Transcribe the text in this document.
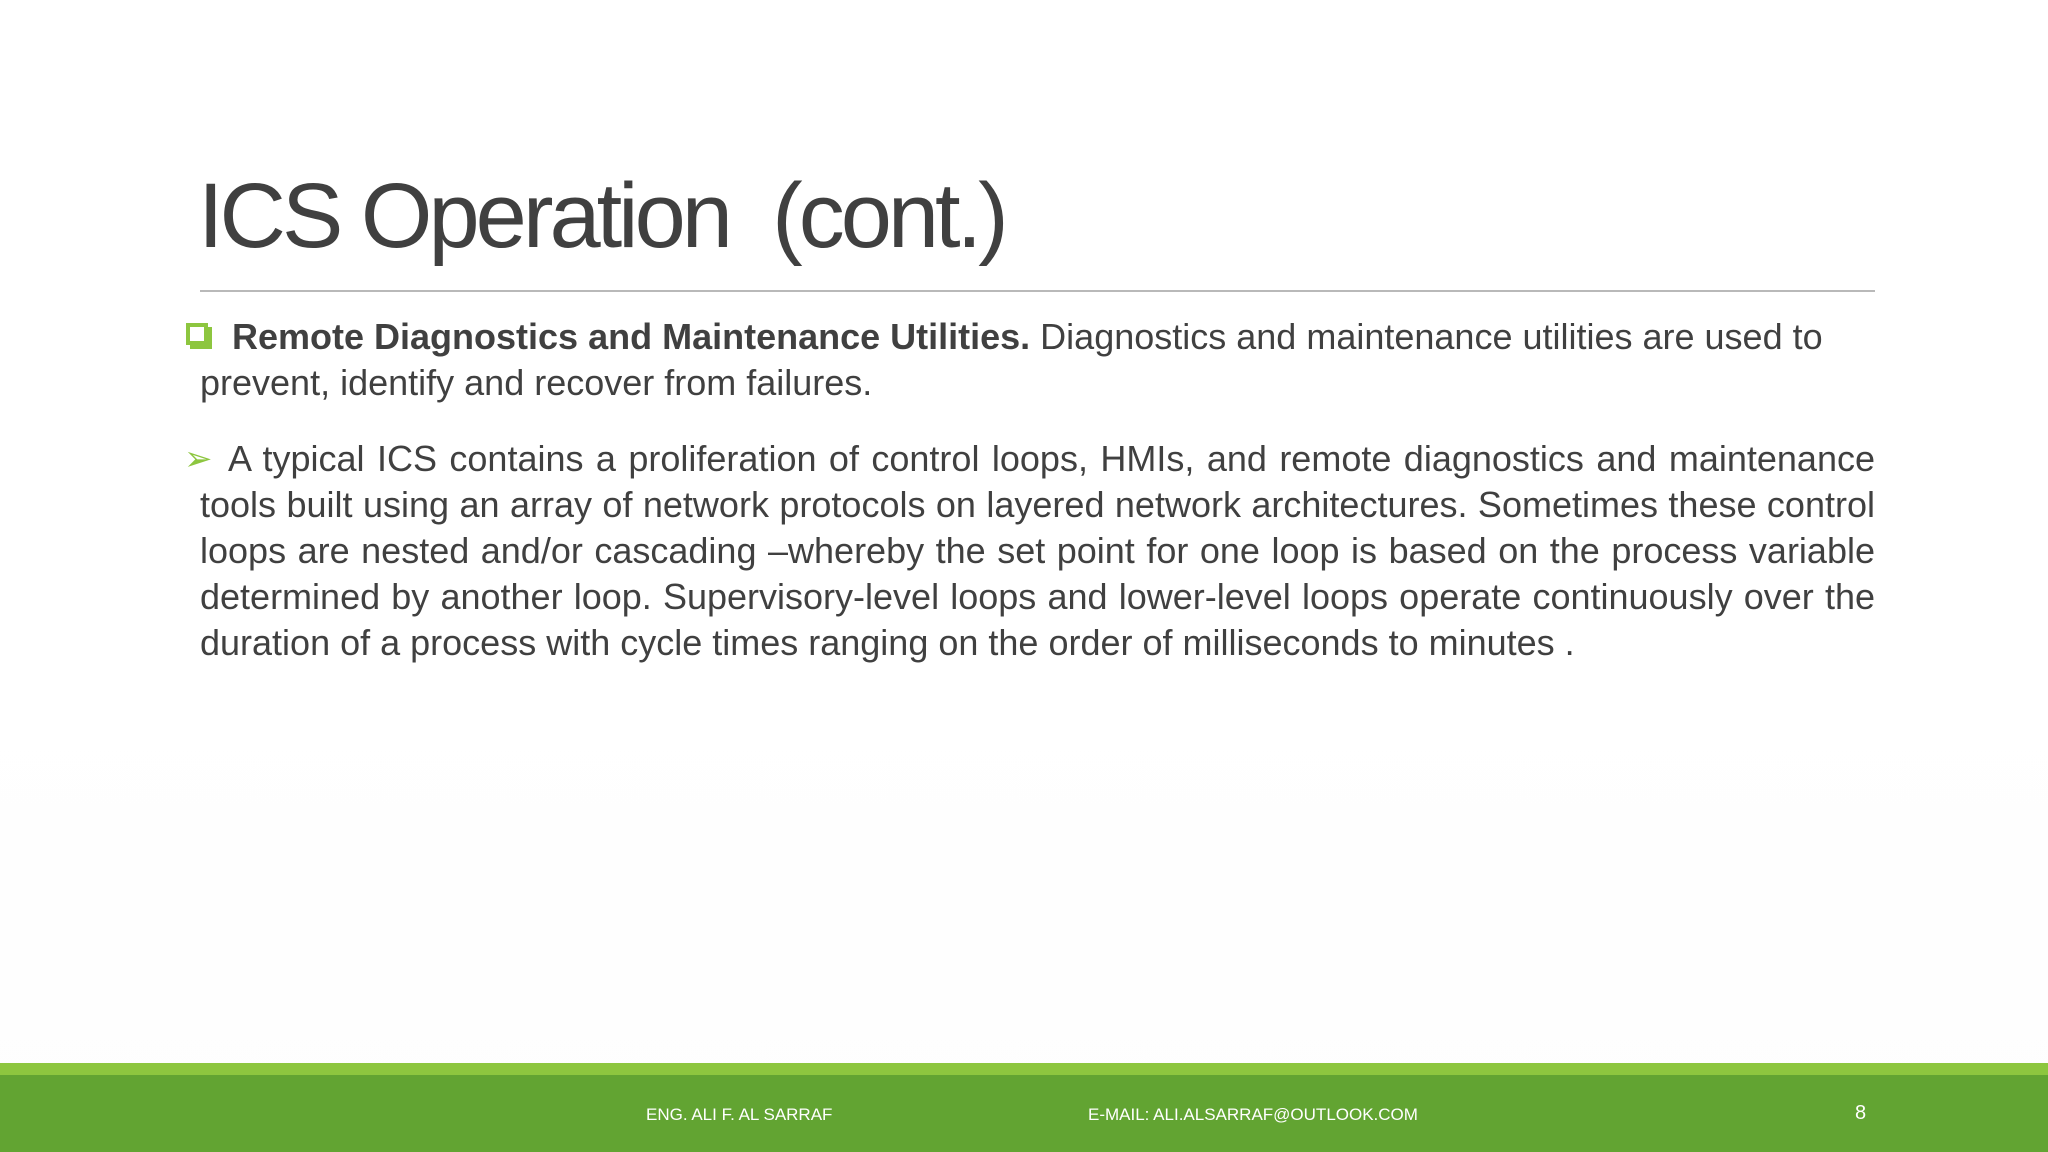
ICS Operation  (cont.)

Remote Diagnostics and Maintenance Utilities. Diagnostics and maintenance utilities are used to prevent, identify and recover from failures.

➢ A typical ICS contains a proliferation of control loops, HMIs, and remote diagnostics and maintenance tools built using an array of network protocols on layered network architectures. Sometimes these control loops are nested and/or cascading –whereby the set point for one loop is based on the process variable determined by another loop. Supervisory-level loops and lower-level loops operate continuously over the duration of a process with cycle times ranging on the order of milliseconds to minutes .

ENG. ALI F. AL SARRAF	E-MAIL: ALI.ALSARRAF@OUTLOOK.COM	8
